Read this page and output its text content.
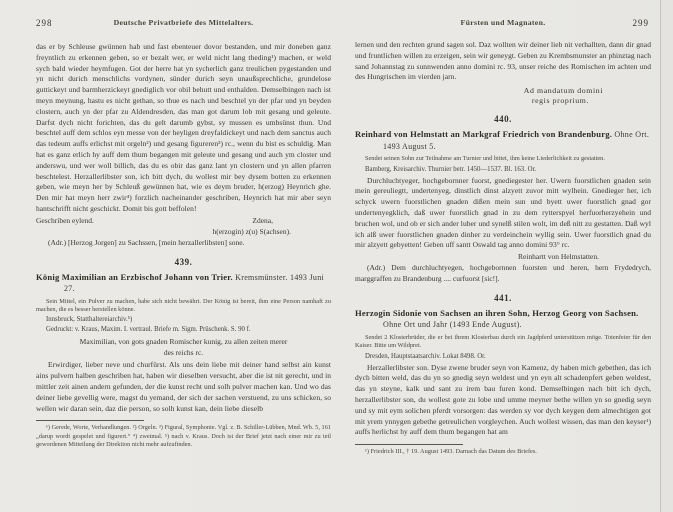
298	Deutsche Privatbriefe des Mittelalters.
das er by Schleuse gwünnen hab und fast ebenteuer dovor bestanden, und mir doneben ganz freyntlich zu erkennen geben, so er bezalt wer, er weld nicht lang theding¹) machen, er weld sych bald wieder heymfugen. Got der herre hat yn sycherlich ganz treulichen pygestanden und yn nicht durich menschlichs vordynen, sünder durich seyn unaußsprechliche, grundelose guttickeyt und barmherzickeyt gnediglich vor obil behutt und enthalden. Demselbingen nach ist meyn meynung, hastu es nicht gethan, so thue es nach und beschtel yn der pfar und yn beyden clostern, auch yn der pfar zu Aldendresden, das man got darum lob mit gesang und geleute. Darfst dych nicht forichten, das du gelt darumb gybst, sy mussen es umbsünst thun. Und beschtel auff dem schlos eyn messe von der heyligen dreyfaldickeyt und nach dem sanctus auch das tedeum auffs erlichst mit orgeln²) und gesang figureren³) rc., wenn du bist es schuldig. Man hat es ganz erlich hy auff dem thum begangen mit geleute und gesang und auch ym closter und anderswu, und wer woll billich, das du es obir das ganz lant yn clostern und yn allen pfarren beschtelest. Herzallerlibster son, ich bitt dych, du wollest mir bey dysem botten zu erkennen geben, wie meyn her by Schleuß gewünnen hat, wie es deym bruder, h(erzog) Heynrich ghe. Den mir hat meyn herr zwir⁴) forzlich nacheinander geschriben, Heynrich hat mir aber seyn hantschrifft nicht geschickt. Domit bis gott beffolen!
Geschriben eylend.	Zdena,
h(erzogin) z(u) S(achsen).
(Adr.) [Herzog Jorgen] zu Sachssen, [mein herzallerlibsten] sone.
439.
König Maximilian an Erzbischof Johann von Trier. Kremsmünster. 1493 Juni 27.
Sein Mittel, ein Pulver zu machen, habe sich nicht bewährt. Der König ist bereit, ihm eine Person namhaft zu machen, die es besser herstellen könne.
Innsbruck, Statthaltereiarchiv.⁵)
Gedruckt: v. Kraus, Maxim. I. vertraul. Briefe m. Sigm. Prüschenk. S. 90 f.
Maximilian, von gots gnaden Romischer kunig, zu allen zeiten merer
des reichs rc.
Erwirdiger, lieber neve und churfürst. Als uns dein liebe mit deiner hand selbst ain kunst ains pulvern halben geschriben hat, haben wir dieselben versucht, aber die ist nit gerecht, und in mittler zeit ainen andern gefunden, der die kunst recht und solh pulver machen kan. Und wo das deiner liebe gevellig were, magst du yemand, der sich der sachen verstuend, zu uns schicken, so wellen wir daran sein, daz die person, so solh kunst kan, dein liebe dieselb
¹) Gerede, Worte, Verhandlungen. ²) Orgeln. ³) Figural, Symphonie. Vgl. z. B. Schiller-Lübben, Mnd. Wb. 5, 161 „darup wordt gespelet und figurert.“ ⁴) zweimal. ⁵) nach v. Kraus. Doch ist der Brief jetzt nach einer mir zu teil gewordenen Mitteilung der Direktion nicht mehr aufzufinden.
Fürsten und Magnaten.	299
lernen und den rechten grund sagen sol. Daz wollten wir deiner lieb nit verhallten, dann dir gnad und fruntlichen willen zu erzeigen, sein wir geneygt. Geben zu Krembsmunster an phinztag nach sand Johannstag zu sunnwenden anno domini rc. 93, unser reiche des Romischen im achten und des Hungrischen im vierden jarn.
Ad mandatum domini
regis proprium.
440.
Reinhard von Helmstatt an Markgraf Friedrich von Brandenburg. Ohne Ort. 1493 August 5.
Sendet seinen Sohn zur Teilnahme am Turnier und bittet, ihm keine Liederlichkeit zu gestatten.
Bamberg, Kreisarchiv. Thurnier betr. 1450—1537. Bl. 163. Or.
Durchluchtyeger, hochgebornner fuorst, gnediegester her. Uwern fuorstlichen gnaden sein mein gereuliegtt, undertenyeg, dinstlich dinst alzyett zuvor mitt wylhein. Gnedieger her, ich schyck uwern fuorstlichen gnaden dißen mein sun und byett uwer fuorstlich gnad gor undertenyegklich, daß uwer fuorstlich gnad in zu dem rytterspyel herfuorherzyehein und bruchen wol, und ob er sich ander luber und synelß stilen wolt, im deß nitt zu gestatten. Daß wyl ich alß uwer fuorstlichen gnaden dinher zu verdeinchein wyllig sein. Uwer fuorstlich gnad du mir alzyett gebyetten! Geben uff santt Oswald tag anno domini 93° rc.
Reinhartt von Helmstatten.
(Adr.) Dem durchluchtyegen, hochgebornnen fuorsten und heren, hern Frydedrych, marggraffen zu Brandenburg .... curfuorst [sic!].
441.
Herzogin Sidonie von Sachsen an ihren Sohn, Herzog Georg von Sachsen. Ohne Ort und Jahr (1493 Ende August).
Sendet 2 Klosterbrüder, die er bei ihrem Klosterbau durch ein Jagdpferd unterstützen möge. Totenfeier für den Kaiser. Bitte um Wildpret.
Dresden, Hauptstaatsarchiv. Lokat 8498. Or.
Herzallerlibster son. Dyse zwene bruder seyn von Kamenz, dy haben mich gebethen, das ich dych bitten weld, das du yn so gnedig seyn weldest und yn eyn alt schadenpfert geben weldest, das yn steyne, kalk und sant zu irem bau furen kond. Demselbingen nach bitt ich dych, herzallerlibster son, du wollest gote zu lobe und umme meyner bethe willen yn so gnedig seyn und sy mit eym solichen pferdt vorsorgen: das werden sy vor dych keygen dem almechtigen got mit yrem ynnygen gebethe getreulichen vorgleychen. Auch wollest wissen, das man den keyser¹) auffs herlichst hy auff dem thum begangen hat am
¹) Friedrich III., † 19. August 1493. Darnach das Datum des Briefes.
